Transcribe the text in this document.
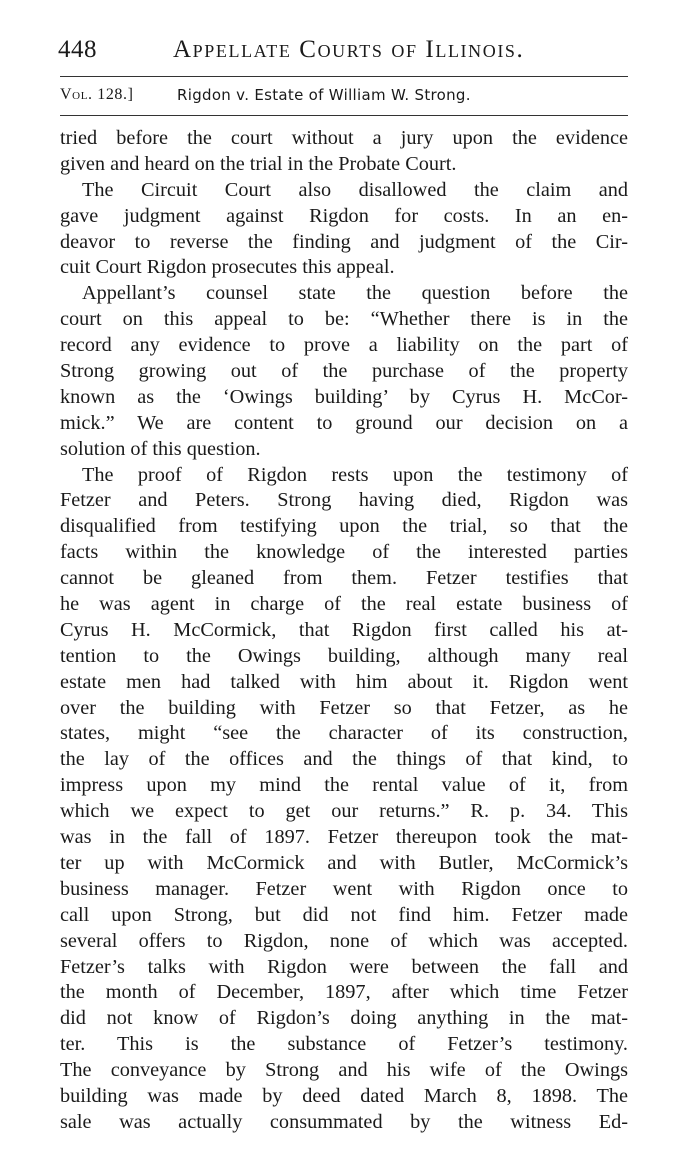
448	Appellate Courts of Illinois.
Vol. 128.]	Rigdon v. Estate of William W. Strong.
tried before the court without a jury upon the evidence
given and heard on the trial in the Probate Court.
The Circuit Court also disallowed the claim and
gave judgment against Rigdon for costs. In an en-
deavor to reverse the finding and judgment of the Cir-
cuit Court Rigdon prosecutes this appeal.
Appellant’s counsel state the question before the
court on this appeal to be: “Whether there is in the
record any evidence to prove a liability on the part of
Strong growing out of the purchase of the property
known as the ‘Owings building’ by Cyrus H. McCor-
mick.” We are content to ground our decision on a
solution of this question.
The proof of Rigdon rests upon the testimony of
Fetzer and Peters. Strong having died, Rigdon was
disqualified from testifying upon the trial, so that the
facts within the knowledge of the interested parties
cannot be gleaned from them. Fetzer testifies that
he was agent in charge of the real estate business of
Cyrus H. McCormick, that Rigdon first called his at-
tention to the Owings building, although many real
estate men had talked with him about it. Rigdon went
over the building with Fetzer so that Fetzer, as he
states, might “see the character of its construction,
the lay of the offices and the things of that kind, to
impress upon my mind the rental value of it, from
which we expect to get our returns.” R. p. 34. This
was in the fall of 1897. Fetzer thereupon took the mat-
ter up with McCormick and with Butler, McCormick’s
business manager. Fetzer went with Rigdon once to
call upon Strong, but did not find him. Fetzer made
several offers to Rigdon, none of which was accepted.
Fetzer’s talks with Rigdon were between the fall and
the month of December, 1897, after which time Fetzer
did not know of Rigdon’s doing anything in the mat-
ter. This is the substance of Fetzer’s testimony.
The conveyance by Strong and his wife of the Owings
building was made by deed dated March 8, 1898. The
sale was actually consummated by the witness Ed-
